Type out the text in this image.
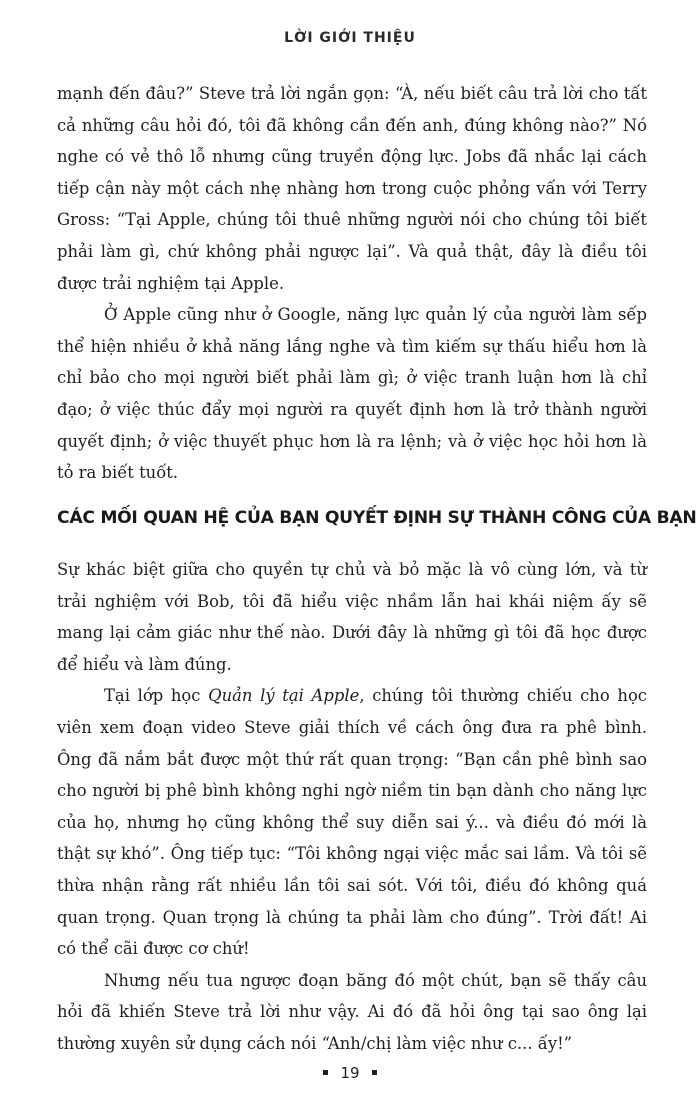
LỜI GIỚI THIỆU

mạnh đến đâu?” Steve trả lời ngắn gọn: “À, nếu biết câu trả lời cho tất cả những câu hỏi đó, tôi đã không cần đến anh, đúng không nào?” Nó nghe có vẻ thô lỗ nhưng cũng truyền động lực. Jobs đã nhắc lại cách tiếp cận này một cách nhẹ nhàng hơn trong cuộc phỏng vấn với Terry Gross: “Tại Apple, chúng tôi thuê những người nói cho chúng tôi biết phải làm gì, chứ không phải ngược lại”. Và quả thật, đây là điều tôi được trải nghiệm tại Apple.

Ở Apple cũng như ở Google, năng lực quản lý của người làm sếp thể hiện nhiều ở khả năng lắng nghe và tìm kiếm sự thấu hiểu hơn là chỉ bảo cho mọi người biết phải làm gì; ở việc tranh luận hơn là chỉ đạo; ở việc thúc đẩy mọi người ra quyết định hơn là trở thành người quyết định; ở việc thuyết phục hơn là ra lệnh; và ở việc học hỏi hơn là tỏ ra biết tuốt.

CÁC MỐI QUAN HỆ CỦA BẠN QUYẾT ĐỊNH SỰ THÀNH CÔNG CỦA BẠN

Sự khác biệt giữa cho quyền tự chủ và bỏ mặc là vô cùng lớn, và từ trải nghiệm với Bob, tôi đã hiểu việc nhầm lẫn hai khái niệm ấy sẽ mang lại cảm giác như thế nào. Dưới đây là những gì tôi đã học được để hiểu và làm đúng.

Tại lớp học Quản lý tại Apple, chúng tôi thường chiếu cho học viên xem đoạn video Steve giải thích về cách ông đưa ra phê bình. Ông đã nắm bắt được một thứ rất quan trọng: “Bạn cần phê bình sao cho người bị phê bình không nghi ngờ niềm tin bạn dành cho năng lực của họ, nhưng họ cũng không thể suy diễn sai ý... và điều đó mới là thật sự khó”. Ông tiếp tục: “Tôi không ngại việc mắc sai lầm. Và tôi sẽ thừa nhận rằng rất nhiều lần tôi sai sót. Với tôi, điều đó không quá quan trọng. Quan trọng là chúng ta phải làm cho đúng”. Trời đất! Ai có thể cãi được cơ chứ!

Nhưng nếu tua ngược đoạn băng đó một chút, bạn sẽ thấy câu hỏi đã khiến Steve trả lời như vậy. Ai đó đã hỏi ông tại sao ông lại thường xuyên sử dụng cách nói “Anh/chị làm việc như c... ấy!”

19
